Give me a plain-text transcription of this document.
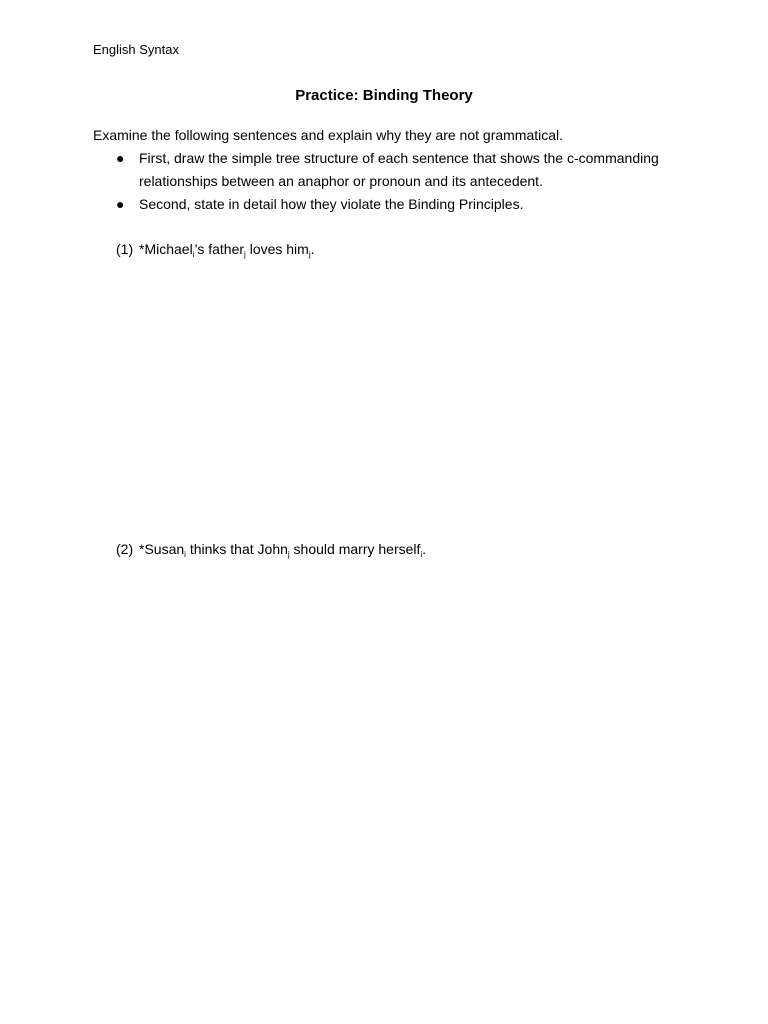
English Syntax
Practice: Binding Theory
Examine the following sentences and explain why they are not grammatical.
● First, draw the simple tree structure of each sentence that shows the c-commanding relationships between an anaphor or pronoun and its antecedent.
● Second, state in detail how they violate the Binding Principles.
(1) *Michael$_i$’s father$_j$ loves him$_j$.
(2) *Susan$_i$ thinks that John$_j$ should marry herself$_i$.
